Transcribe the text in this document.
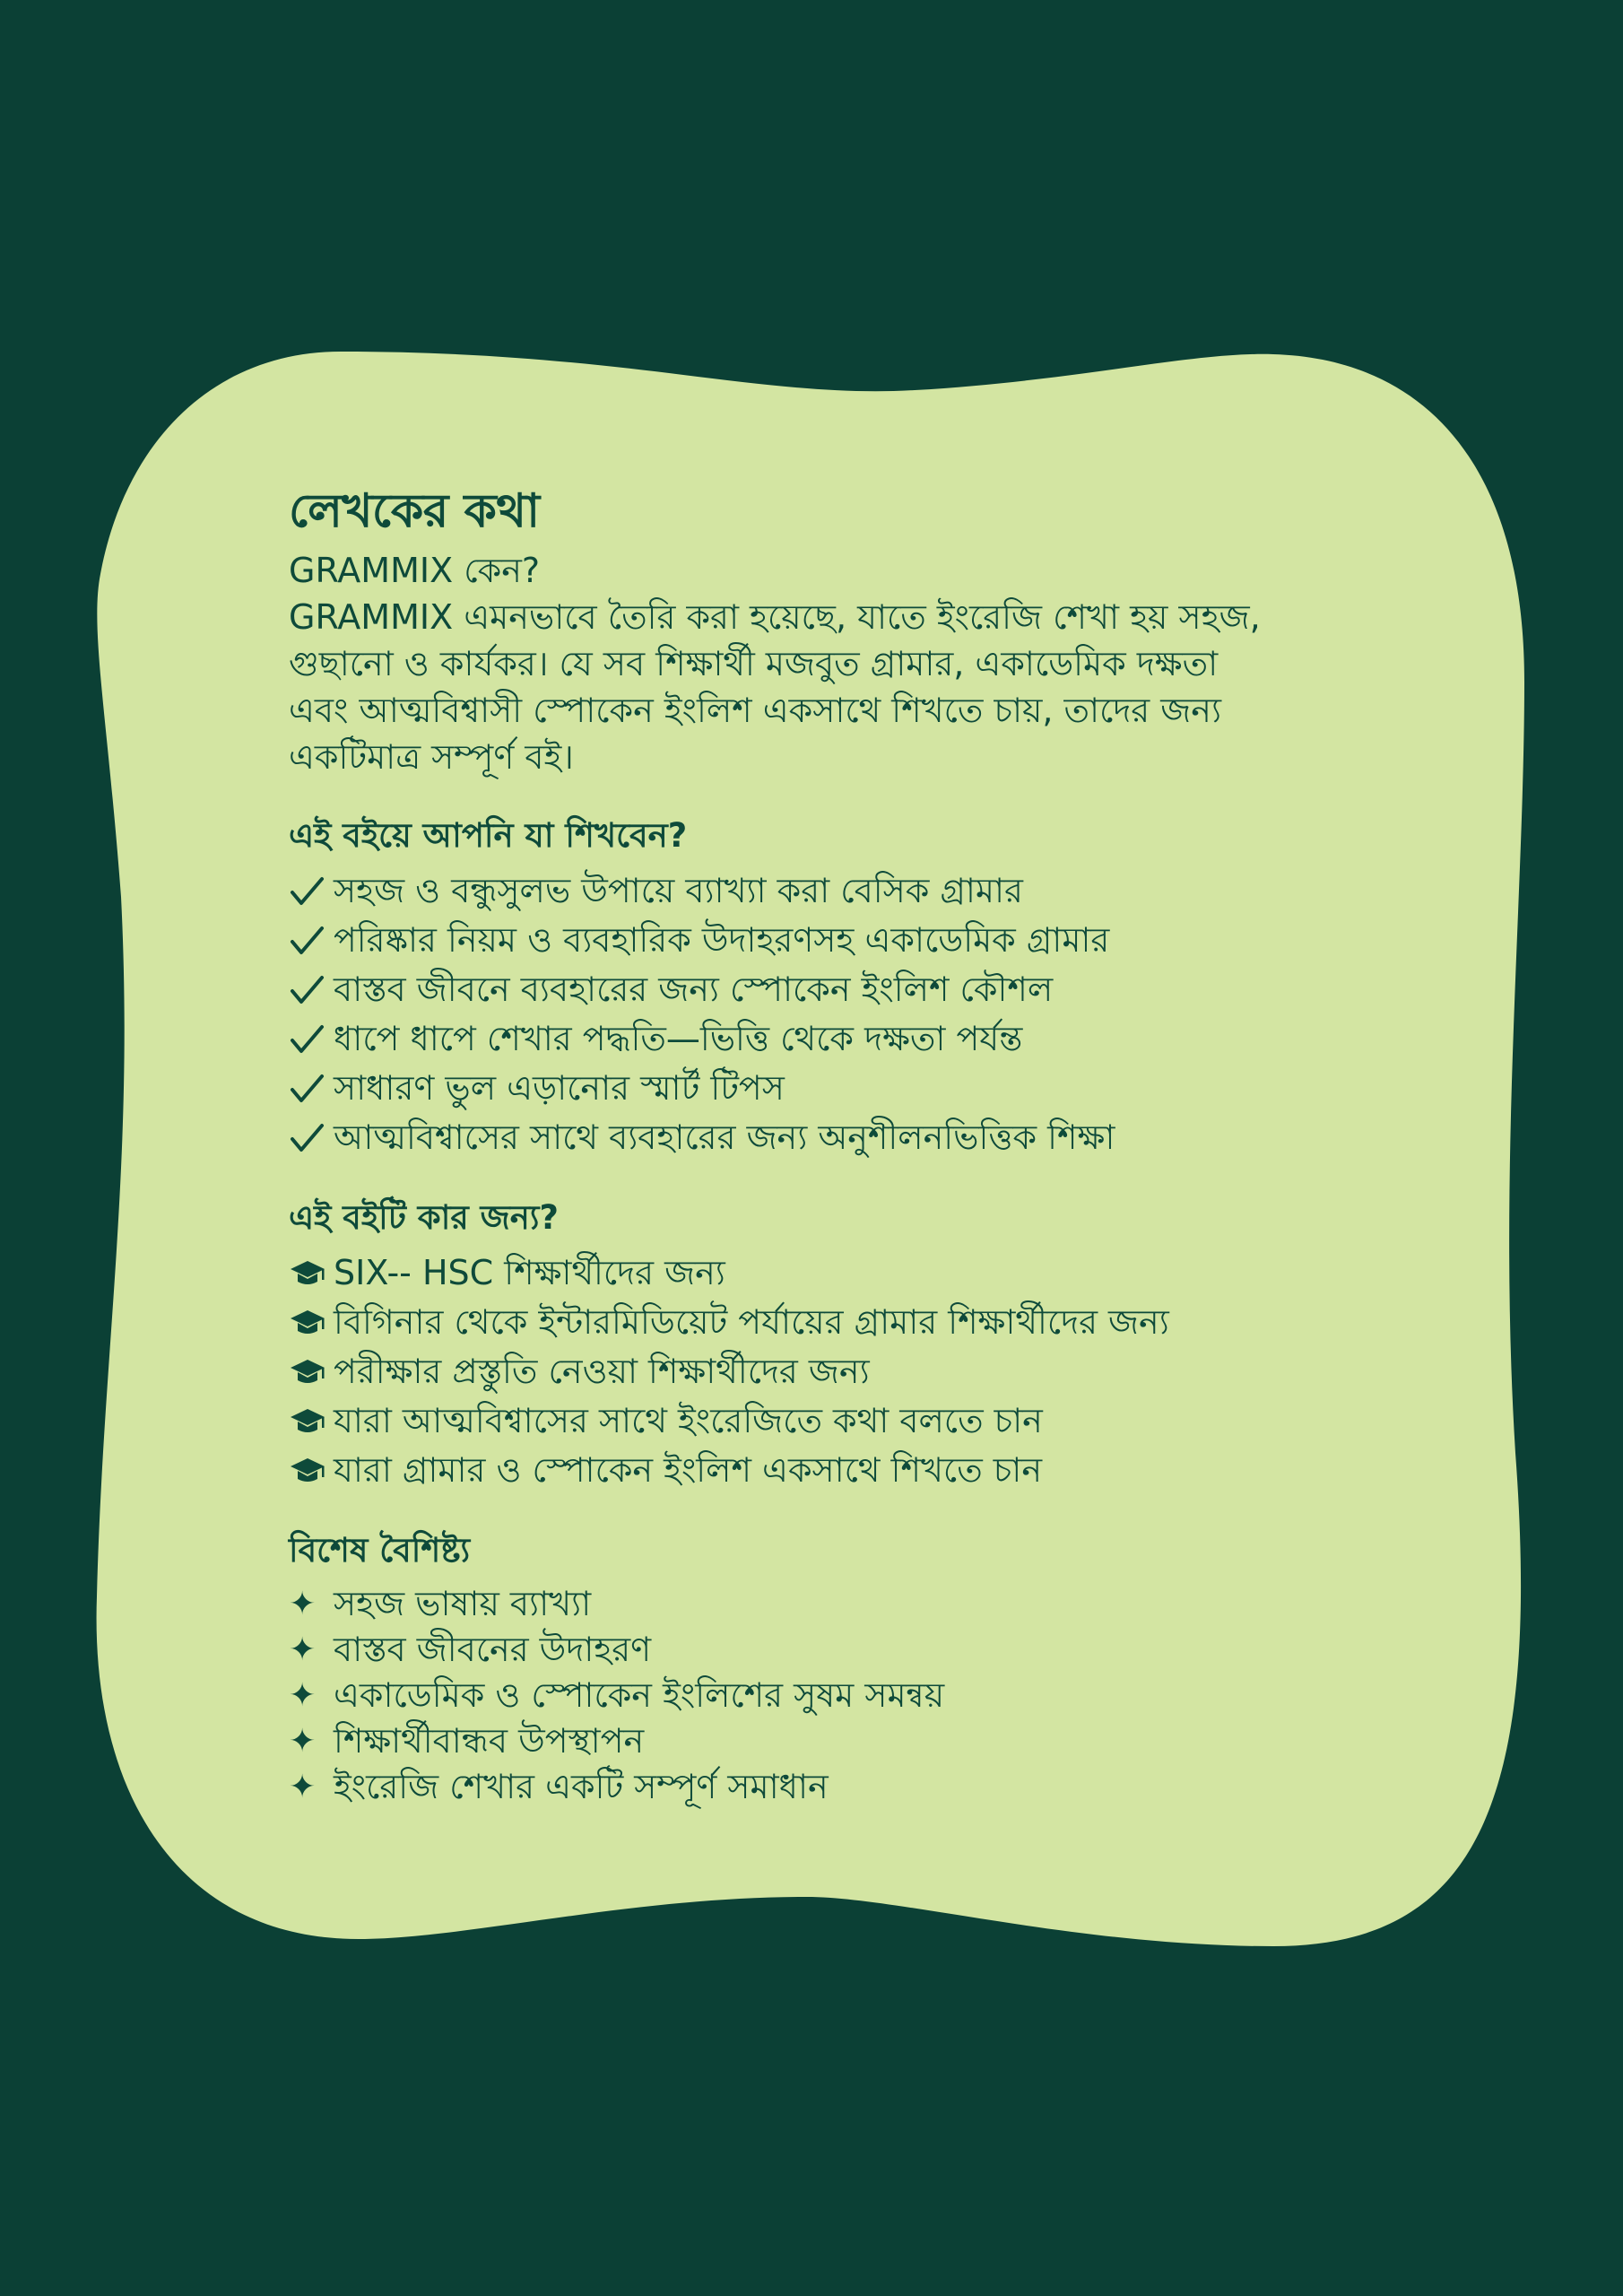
লেখকের কথা

GRAMMIX কেন?

GRAMMIX এমনভাবে তৈরি করা হয়েছে, যাতে ইংরেজি শেখা হয় সহজ,

গুছানো ও কার্যকর। যে সব শিক্ষার্থী মজবুত গ্রামার, একাডেমিক দক্ষতা

এবং আত্মবিশ্বাসী স্পোকেন ইংলিশ একসাথে শিখতে চায়, তাদের জন্য

একটিমাত্র সম্পূর্ণ বই।

এই বইয়ে আপনি যা শিখবেন?
সহজ ও বন্ধুসুলভ উপায়ে ব্যাখ্যা করা বেসিক গ্রামার
পরিষ্কার নিয়ম ও ব্যবহারিক উদাহরণসহ একাডেমিক গ্রামার
বাস্তব জীবনে ব্যবহারের জন্য স্পোকেন ইংলিশ কৌশল
ধাপে ধাপে শেখার পদ্ধতি—ভিত্তি থেকে দক্ষতা পর্যন্ত
সাধারণ ভুল এড়ানোর স্মার্ট টিপস
আত্মবিশ্বাসের সাথে ব্যবহারের জন্য অনুশীলনভিত্তিক শিক্ষা
এই বইটি কার জন্য?
SIX-- HSC শিক্ষার্থীদের জন্য
বিগিনার থেকে ইন্টারমিডিয়েট পর্যায়ের গ্রামার শিক্ষার্থীদের জন্য
পরীক্ষার প্রস্তুতি নেওয়া শিক্ষার্থীদের জন্য
যারা আত্মবিশ্বাসের সাথে ইংরেজিতে কথা বলতে চান
যারা গ্রামার ও স্পোকেন ইংলিশ একসাথে শিখতে চান
বিশেষ বৈশিষ্ট্য
✦ সহজ ভাষায় ব্যাখ্যা
✦ বাস্তব জীবনের উদাহরণ
✦ একাডেমিক ও স্পোকেন ইংলিশের সুষম সমন্বয়
✦ শিক্ষার্থীবান্ধব উপস্থাপন
✦ ইংরেজি শেখার একটি সম্পূর্ণ সমাধান
